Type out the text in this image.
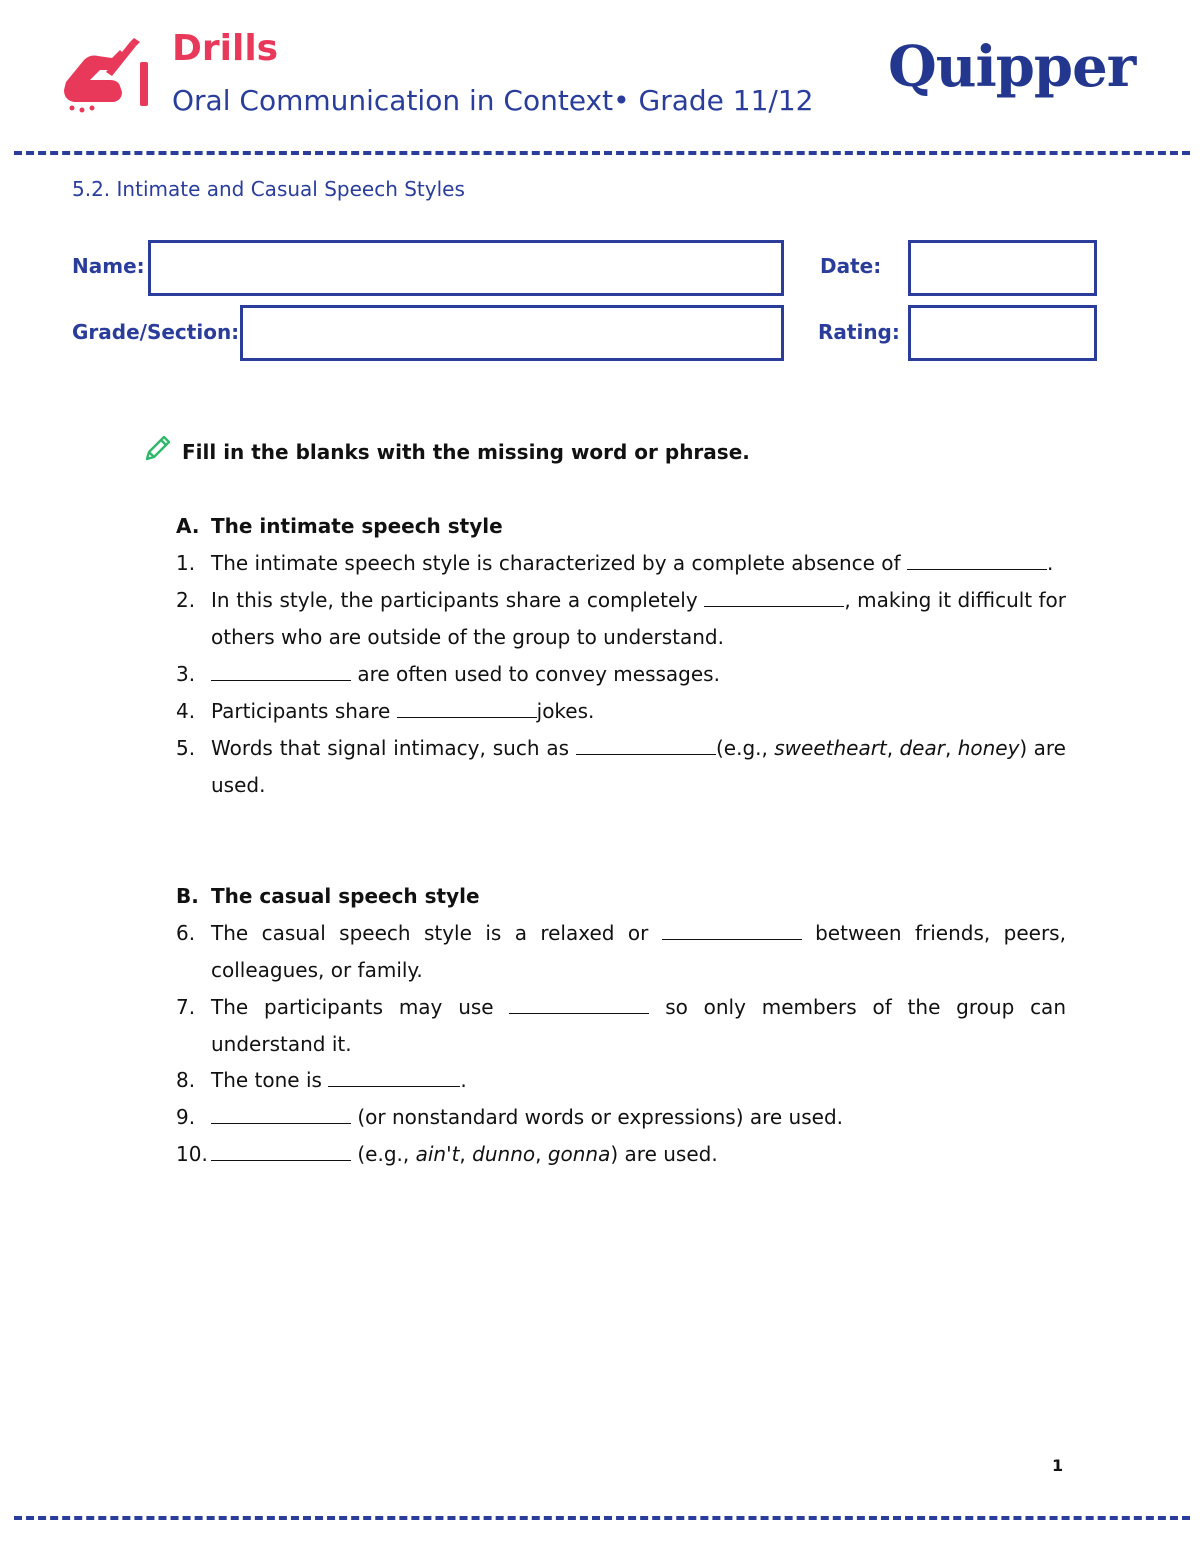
Drills
Oral Communication in Context• Grade 11/12
Quipper
5.2. Intimate and Casual Speech Styles
Name:	Date:
Grade/Section:	Rating:
Fill in the blanks with the missing word or phrase.
A. The intimate speech style
1. The intimate speech style is characterized by a complete absence of	.
2. In this style, the participants share a completely	, making it difficult for
others who are outside of the group to understand.
3.	are often used to convey messages.
4. Participants share	jokes.
5. Words that signal intimacy, such as	(e.g., sweetheart, dear, honey) are
used.
B. The casual speech style
6. The casual speech style is a relaxed or	between friends, peers,
colleagues, or family.
7. The participants may use	so only members of the group can
understand it.
8. The tone is	.
9.	(or nonstandard words or expressions) are used.
10.	(e.g., ain't, dunno, gonna) are used.
1
